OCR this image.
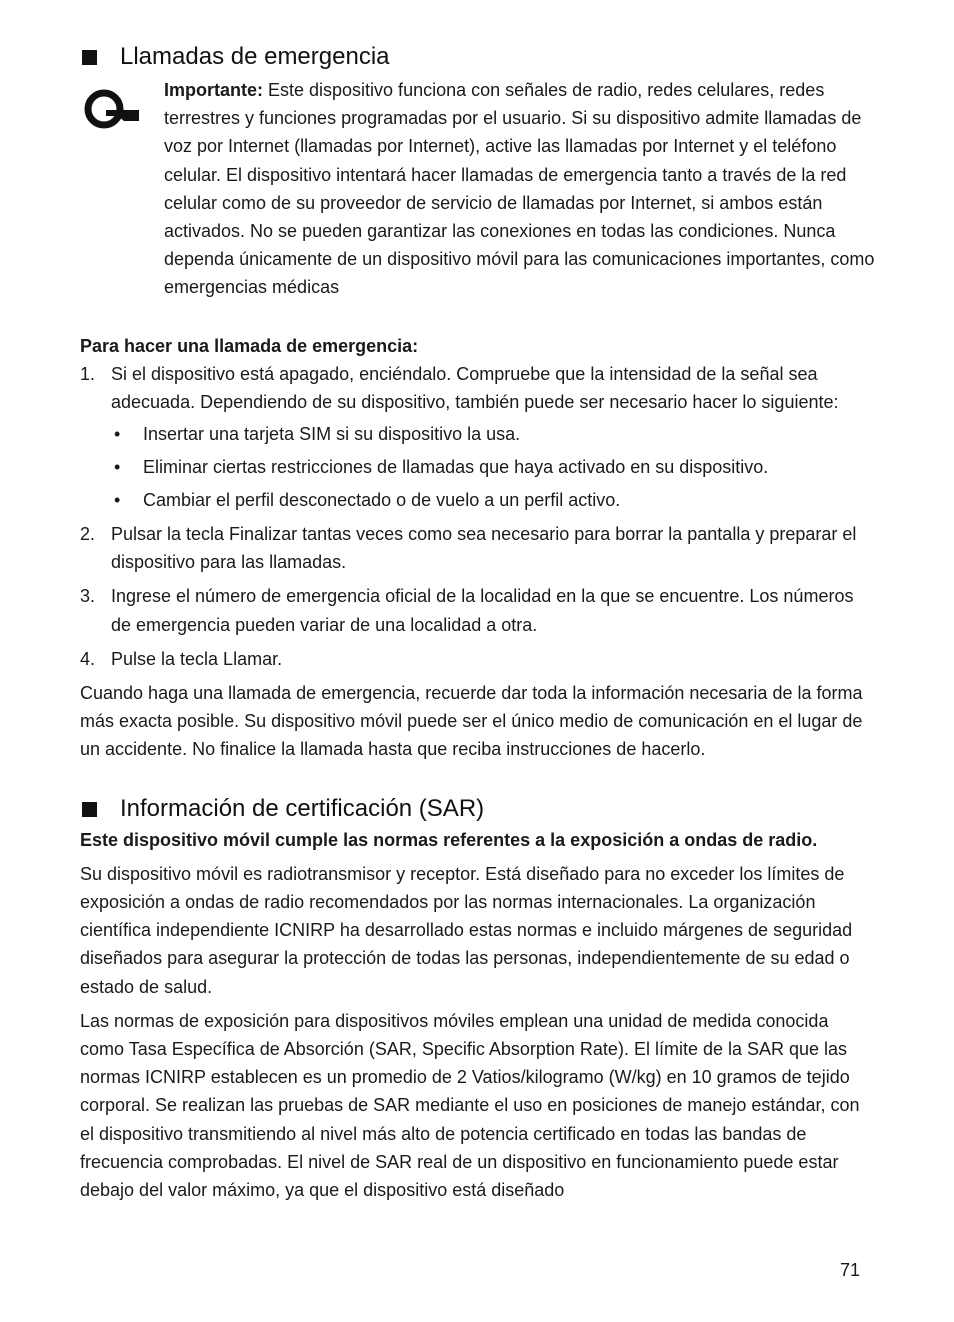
Llamadas de emergencia

Importante: Este dispositivo funciona con señales de radio, redes celulares, redes terrestres y funciones programadas por el usuario. Si su dispositivo admite llamadas de voz por Internet (llamadas por Internet), active las llamadas por Internet y el teléfono celular. El dispositivo intentará hacer llamadas de emergencia tanto a través de la red celular como de su proveedor de servicio de llamadas por Internet, si ambos están activados. No se pueden garantizar las conexiones en todas las condiciones. Nunca dependa únicamente de un dispositivo móvil para las comunicaciones importantes, como emergencias médicas

Para hacer una llamada de emergencia:
1. Si el dispositivo está apagado, enciéndalo. Compruebe que la intensidad de la señal sea adecuada. Dependiendo de su dispositivo, también puede ser necesario hacer lo siguiente:
• Insertar una tarjeta SIM si su dispositivo la usa.
• Eliminar ciertas restricciones de llamadas que haya activado en su dispositivo.
• Cambiar el perfil desconectado o de vuelo a un perfil activo.
2. Pulsar la tecla Finalizar tantas veces como sea necesario para borrar la pantalla y preparar el dispositivo para las llamadas.
3. Ingrese el número de emergencia oficial de la localidad en la que se encuentre. Los números de emergencia pueden variar de una localidad a otra.
4. Pulse la tecla Llamar.

Cuando haga una llamada de emergencia, recuerde dar toda la información necesaria de la forma más exacta posible. Su dispositivo móvil puede ser el único medio de comunicación en el lugar de un accidente. No finalice la llamada hasta que reciba instrucciones de hacerlo.

Información de certificación (SAR)

Este dispositivo móvil cumple las normas referentes a la exposición a ondas de radio.

Su dispositivo móvil es radiotransmisor y receptor. Está diseñado para no exceder los límites de exposición a ondas de radio recomendados por las normas internacionales. La organización científica independiente ICNIRP ha desarrollado estas normas e incluido márgenes de seguridad diseñados para asegurar la protección de todas las personas, independientemente de su edad o estado de salud.

Las normas de exposición para dispositivos móviles emplean una unidad de medida conocida como Tasa Específica de Absorción (SAR, Specific Absorption Rate). El límite de la SAR que las normas ICNIRP establecen es un promedio de 2 Vatios/kilogramo (W/kg) en 10 gramos de tejido corporal. Se realizan las pruebas de SAR mediante el uso en posiciones de manejo estándar, con el dispositivo transmitiendo al nivel más alto de potencia certificado en todas las bandas de frecuencia comprobadas. El nivel de SAR real de un dispositivo en funcionamiento puede estar debajo del valor máximo, ya que el dispositivo está diseñado

71
